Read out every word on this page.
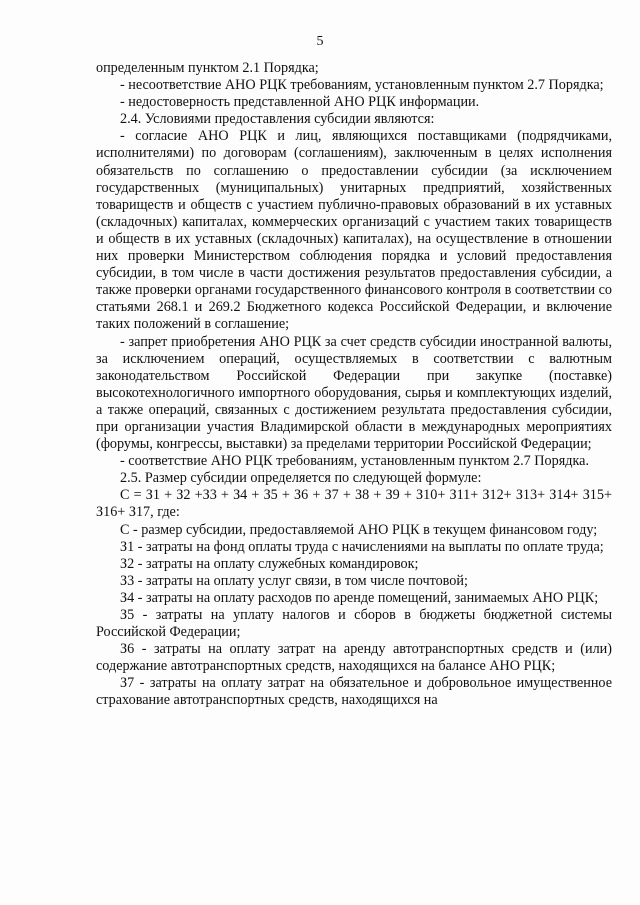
5

определенным пунктом 2.1 Порядка;

- несоответствие АНО РЦК требованиям, установленным пунктом 2.7 Порядка;

- недостоверность представленной АНО РЦК информации.

2.4. Условиями предоставления субсидии являются:

- согласие АНО РЦК и лиц, являющихся поставщиками (подрядчиками, исполнителями) по договорам (соглашениям), заключенным в целях исполнения обязательств по соглашению о предоставлении субсидии (за исключением государственных (муниципальных) унитарных предприятий, хозяйственных товариществ и обществ с участием публично-правовых образований в их уставных (складочных) капиталах, коммерческих организаций с участием таких товариществ и обществ в их уставных (складочных) капиталах), на осуществление в отношении них проверки Министерством соблюдения порядка и условий предоставления субсидии, в том числе в части достижения результатов предоставления субсидии, а также проверки органами государственного финансового контроля в соответствии со статьями 268.1 и 269.2 Бюджетного кодекса Российской Федерации, и включение таких положений в соглашение;

- запрет приобретения АНО РЦК за счет средств субсидии иностранной валюты, за исключением операций, осуществляемых в соответствии с валютным законодательством Российской Федерации при закупке (поставке) высокотехнологичного импортного оборудования, сырья и комплектующих изделий, а также операций, связанных с достижением результата предоставления субсидии, при организации участия Владимирской области в международных мероприятиях (форумы, конгрессы, выставки) за пределами территории Российской Федерации;

- соответствие АНО РЦК требованиям, установленным пунктом 2.7 Порядка.

2.5. Размер субсидии определяется по следующей формуле:

С = З1 + З2 +З3 + З4 + З5 + З6 + З7 + З8 + З9 + З10+ З11+ З12+ З13+ З14+ З15+ З16+ З17, где:

С - размер субсидии, предоставляемой АНО РЦК в текущем финансовом году;

З1 - затраты на фонд оплаты труда с начислениями на выплаты по оплате труда;

З2 - затраты на оплату служебных командировок;

З3 - затраты на оплату услуг связи, в том числе почтовой;

З4 - затраты на оплату расходов по аренде помещений, занимаемых АНО РЦК;

З5 - затраты на уплату налогов и сборов в бюджеты бюджетной системы Российской Федерации;

З6 - затраты на оплату затрат на аренду автотранспортных средств и (или) содержание автотранспортных средств, находящихся на балансе АНО РЦК;

З7 - затраты на оплату затрат на обязательное и добровольное имущественное страхование автотранспортных средств, находящихся на
